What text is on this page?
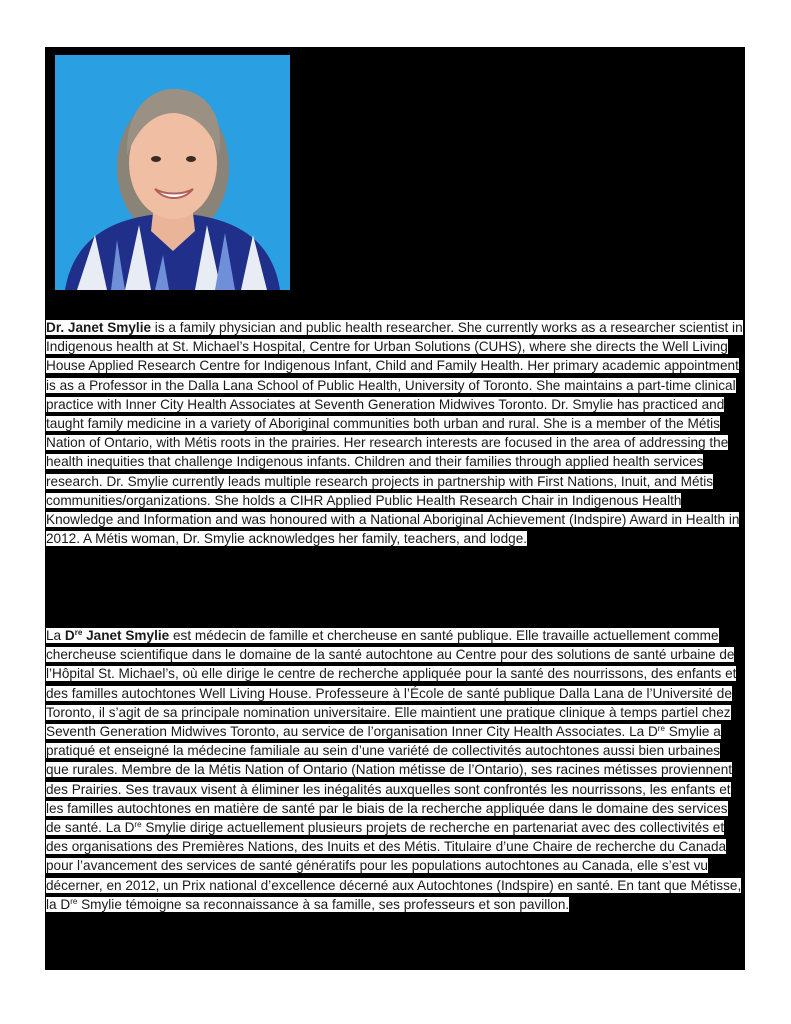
Dr. Janet Smylie is a family physician and public health researcher. She currently works as a researcher scientist in Indigenous health at St. Michael’s Hospital, Centre for Urban Solutions (CUHS), where she directs the Well Living House Applied Research Centre for Indigenous Infant, Child and Family Health. Her primary academic appointment is as a Professor in the Dalla Lana School of Public Health, University of Toronto. She maintains a part-time clinical practice with Inner City Health Associates at Seventh Generation Midwives Toronto. Dr. Smylie has practiced and taught family medicine in a variety of Aboriginal communities both urban and rural. She is a member of the Métis Nation of Ontario, with Métis roots in the prairies. Her research interests are focused in the area of addressing the health inequities that challenge Indigenous infants. Children and their families through applied health services research. Dr. Smylie currently leads multiple research projects in partnership with First Nations, Inuit, and Métis communities/organizations. She holds a CIHR Applied Public Health Research Chair in Indigenous Health Knowledge and Information and was honoured with a National Aboriginal Achievement (Indspire) Award in Health in 2012. A Métis woman, Dr. Smylie acknowledges her family, teachers, and lodge.

La Dre Janet Smylie est médecin de famille et chercheuse en santé publique. Elle travaille actuellement comme chercheuse scientifique dans le domaine de la santé autochtone au Centre pour des solutions de santé urbaine de l’Hôpital St. Michael’s, où elle dirige le centre de recherche appliquée pour la santé des nourrissons, des enfants et des familles autochtones Well Living House. Professeure à l’École de santé publique Dalla Lana de l’Université de Toronto, il s’agit de sa principale nomination universitaire. Elle maintient une pratique clinique à temps partiel chez Seventh Generation Midwives Toronto, au service de l’organisation Inner City Health Associates. La Dre Smylie a pratiqué et enseigné la médecine familiale au sein d’une variété de collectivités autochtones aussi bien urbaines que rurales. Membre de la Métis Nation of Ontario (Nation métisse de l’Ontario), ses racines métisses proviennent des Prairies. Ses travaux visent à éliminer les inégalités auxquelles sont confrontés les nourrissons, les enfants et les familles autochtones en matière de santé par le biais de la recherche appliquée dans le domaine des services de santé. La Dre Smylie dirige actuellement plusieurs projets de recherche en partenariat avec des collectivités et des organisations des Premières Nations, des Inuits et des Métis. Titulaire d’une Chaire de recherche du Canada pour l’avancement des services de santé génératifs pour les populations autochtones au Canada, elle s’est vu décerner, en 2012, un Prix national d’excellence décerné aux Autochtones (Indspire) en santé. En tant que Métisse, la Dre Smylie témoigne sa reconnaissance à sa famille, ses professeurs et son pavillon.
